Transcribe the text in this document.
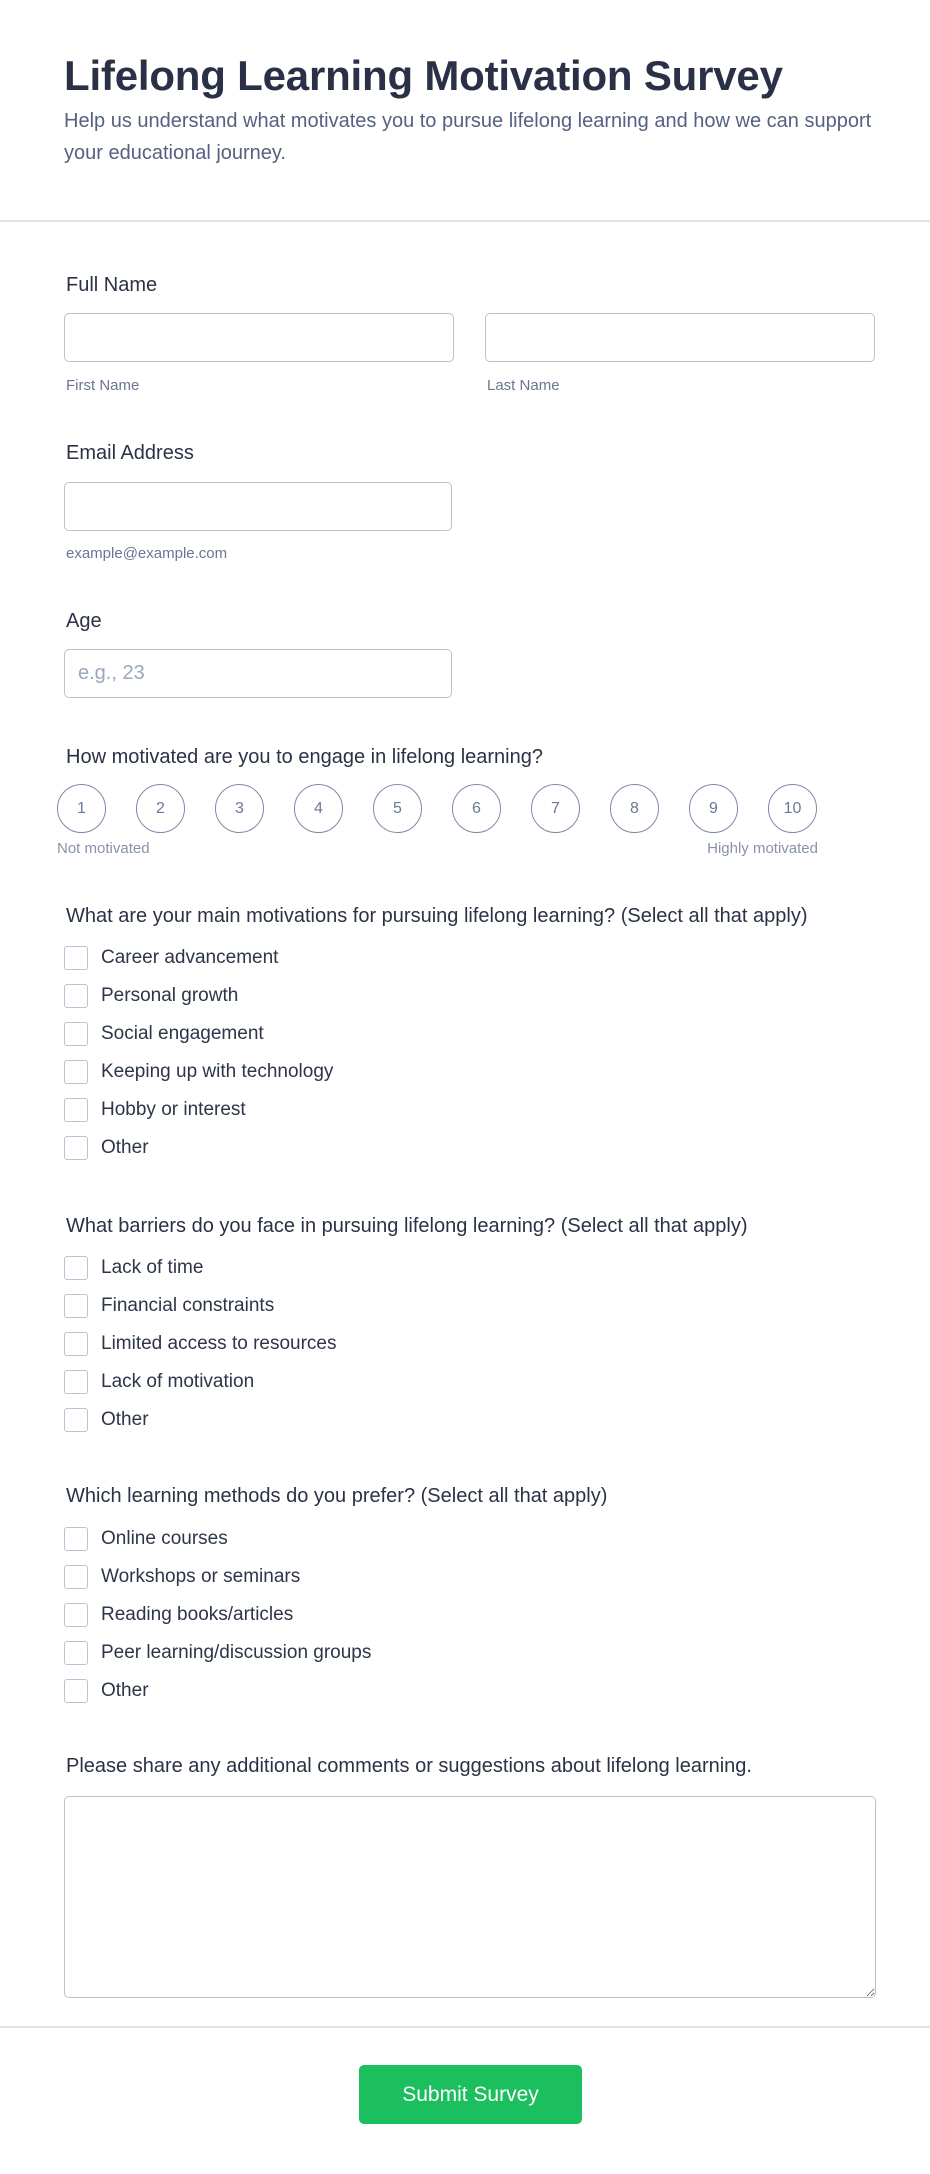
Lifelong Learning Motivation Survey
Help us understand what motivates you to pursue lifelong learning and how we can support your educational journey.
Full Name
First Name	Last Name
Email Address
example@example.com
Age
e.g., 23
How motivated are you to engage in lifelong learning?
1	2	3	4	5	6	7	8	9	10
Not motivated	Highly motivated
What are your main motivations for pursuing lifelong learning? (Select all that apply)
Career advancement
Personal growth
Social engagement
Keeping up with technology
Hobby or interest
Other
What barriers do you face in pursuing lifelong learning? (Select all that apply)
Lack of time
Financial constraints
Limited access to resources
Lack of motivation
Other
Which learning methods do you prefer? (Select all that apply)
Online courses
Workshops or seminars
Reading books/articles
Peer learning/discussion groups
Other
Please share any additional comments or suggestions about lifelong learning.
Submit Survey
